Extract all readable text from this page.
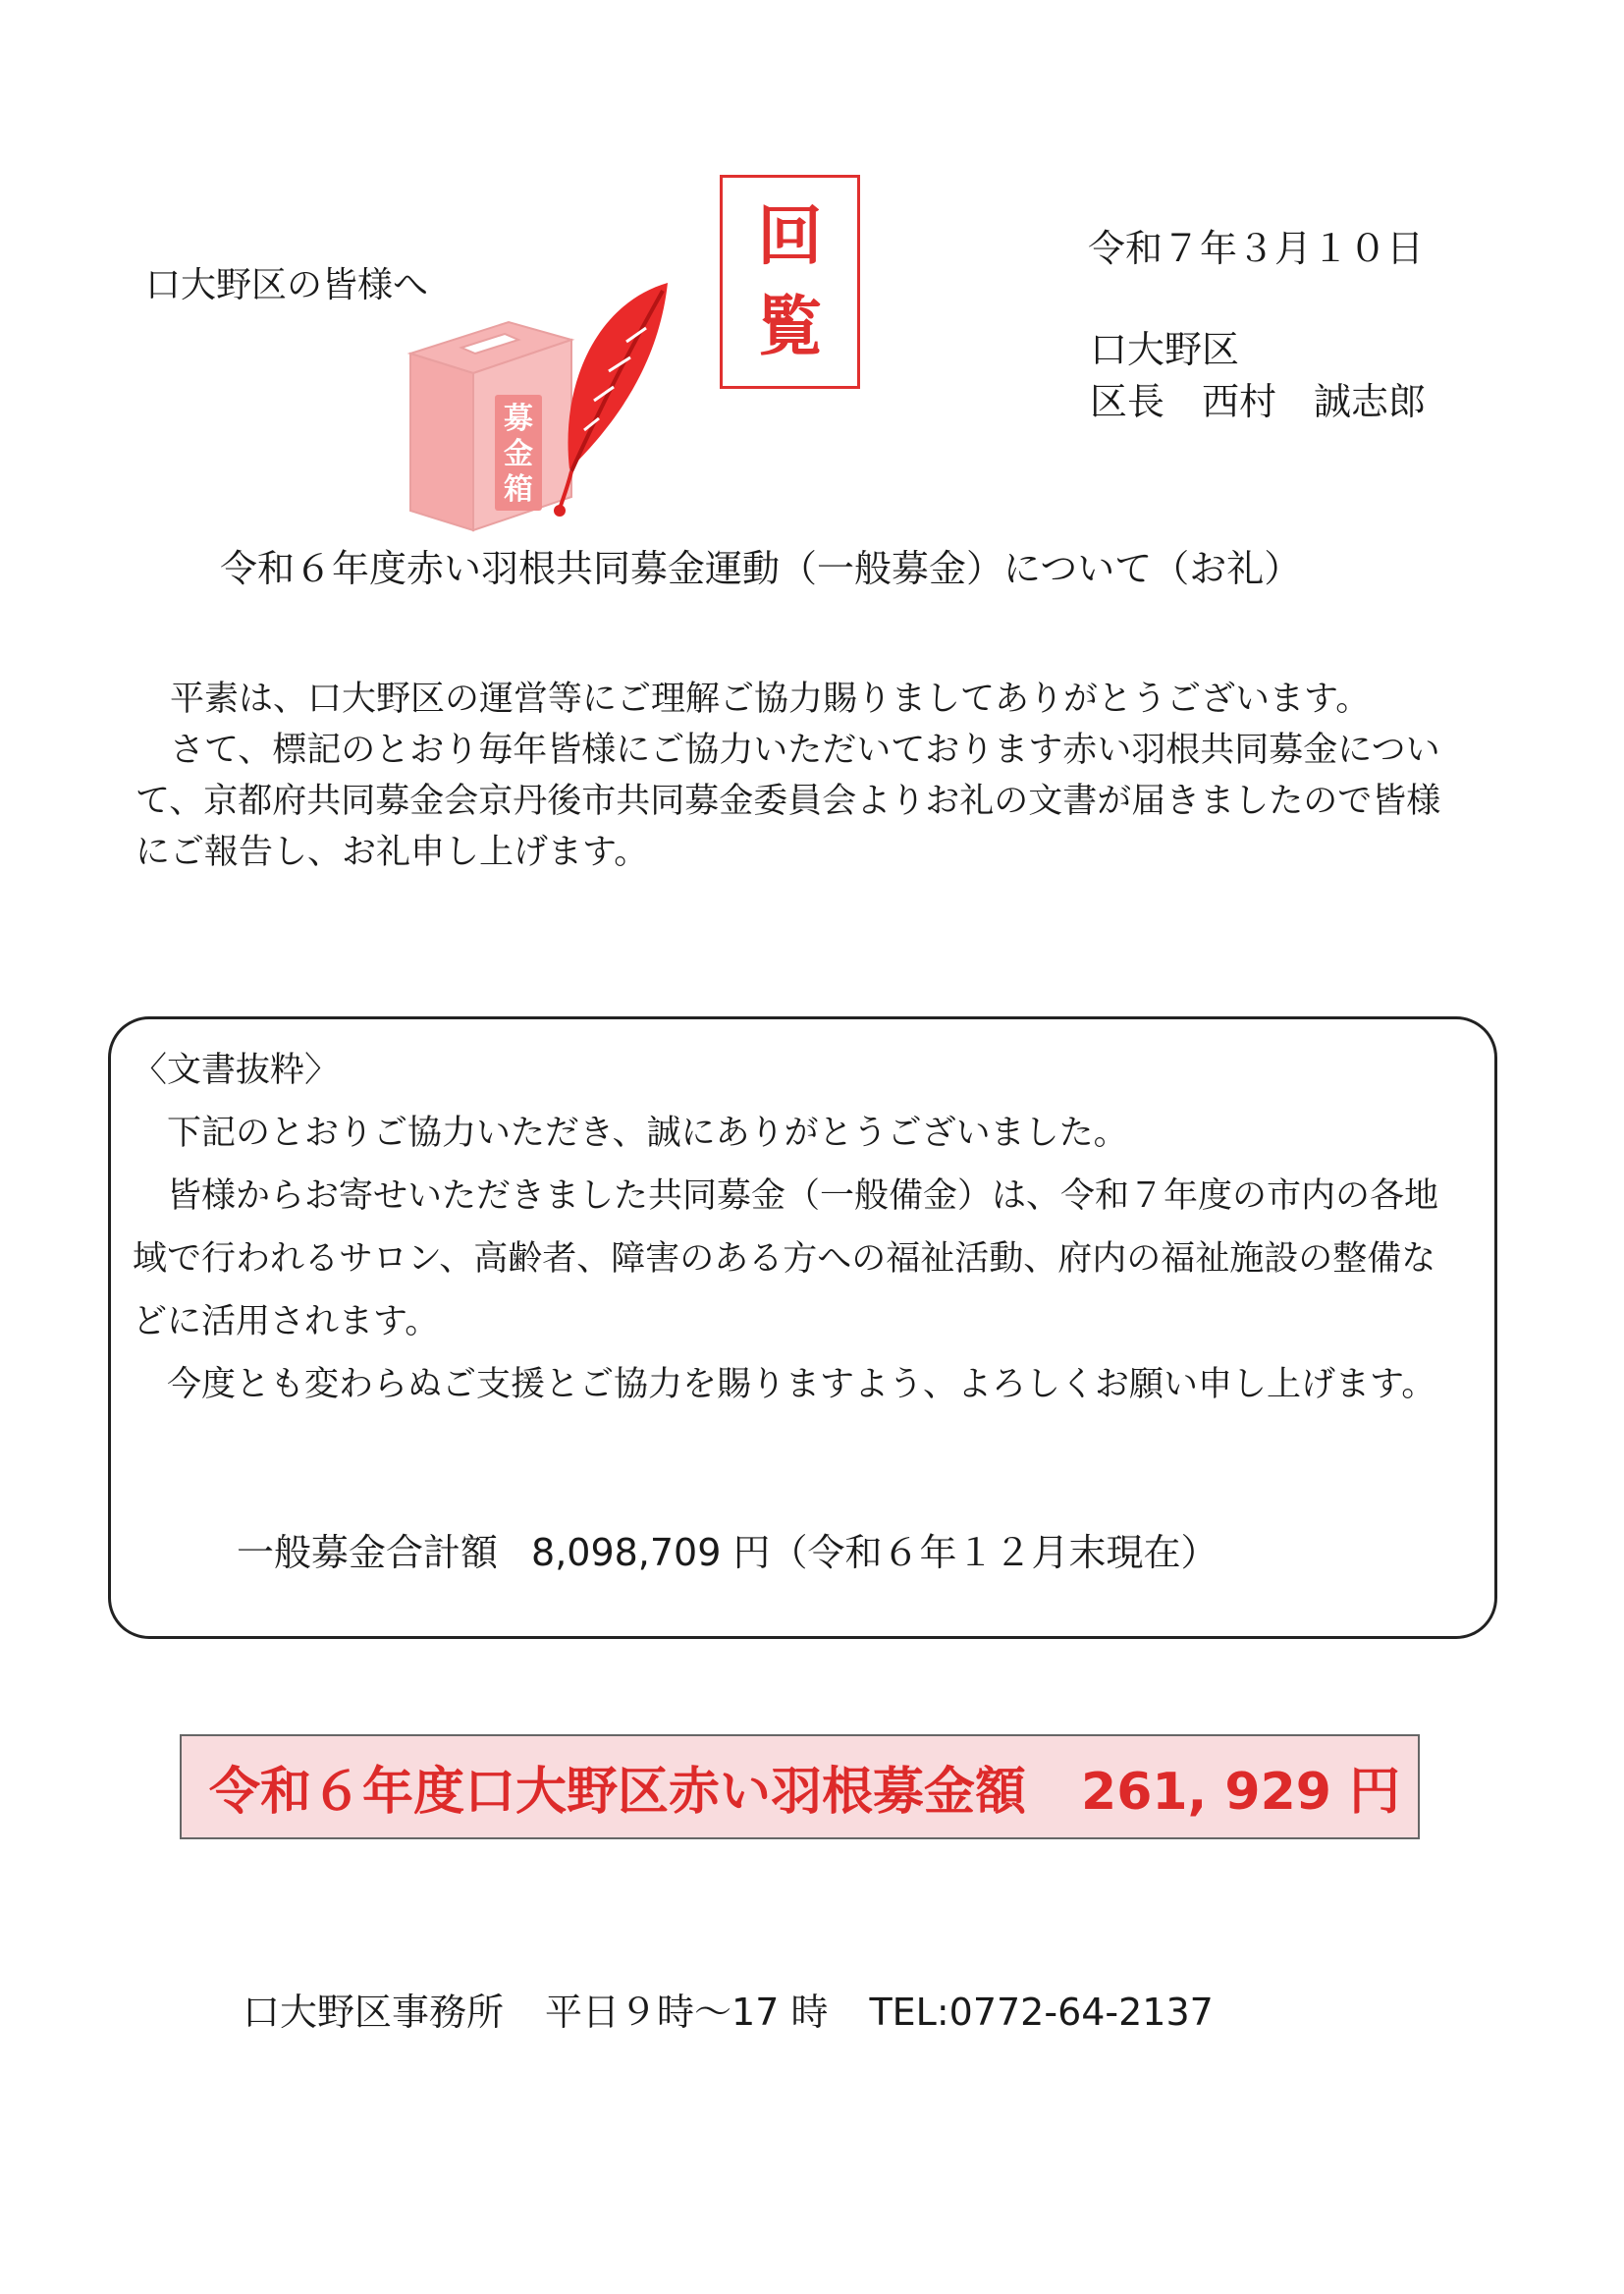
口大野区の皆様へ
回
覧
募
金
箱
令和７年３月１０日
口大野区
区長　西村　誠志郎
令和６年度赤い羽根共同募金運動（一般募金）について（お礼）

平素は、口大野区の運営等にご理解ご協力賜りましてありがとうございます。

さて、標記のとおり毎年皆様にご協力いただいております赤い羽根共同募金について、京都府共同募金会京丹後市共同募金委員会よりお礼の文書が届きましたので皆様にご報告し、お礼申し上げます。

〈文書抜粋〉

下記のとおりご協力いただき、誠にありがとうございました。

皆様からお寄せいただきました共同募金（一般備金）は、令和７年度の市内の各地域で行われるサロン、高齢者、障害のある方への福祉活動、府内の福祉施設の整備などに活用されます。

今度とも変わらぬご支援とご協力を賜りますよう、よろしくお願い申し上げます。

一般募金合計額 8,098,709 円（令和６年１２月末現在）
令和６年度口大野区赤い羽根募金額 261, 929 円
口大野区事務所 平日９時～17 時 TEL:0772-64-2137
